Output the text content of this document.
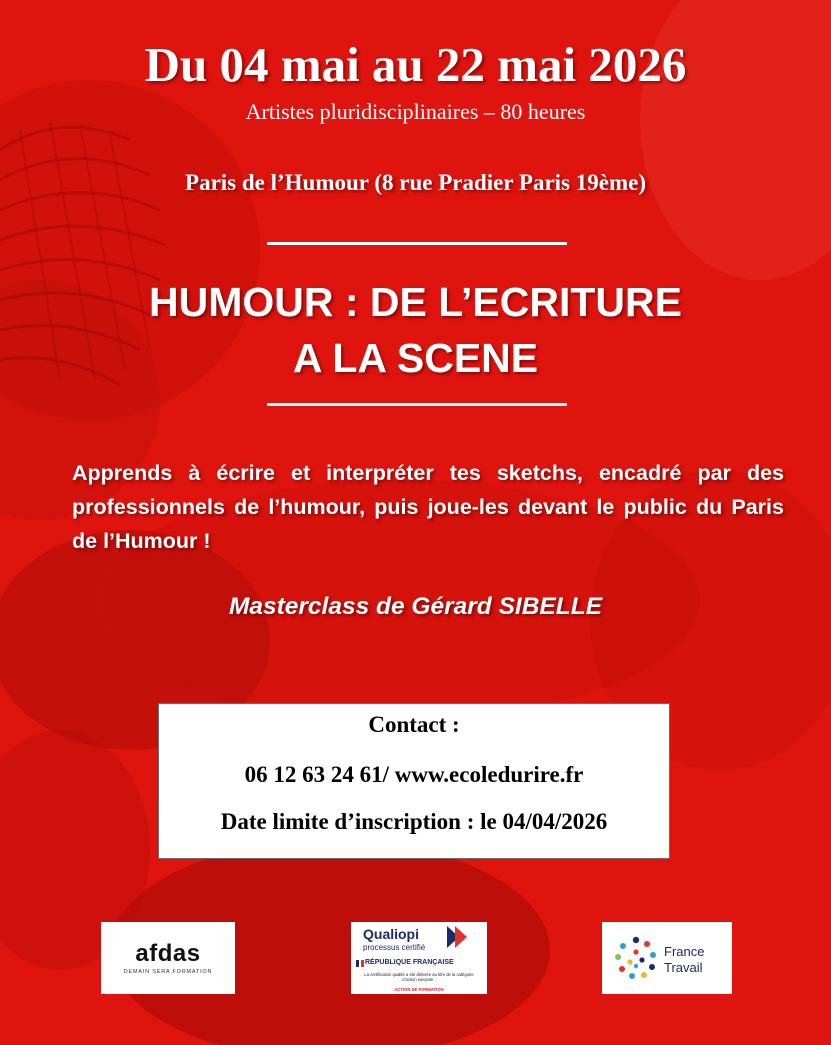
Du 04 mai au 22 mai 2026
Artistes pluridisciplinaires – 80 heures
Paris de l’Humour (8 rue Pradier Paris 19ème)
HUMOUR : DE L’ECRITURE
A LA SCENE
Apprends à écrire et interpréter tes sketchs, encadré par des professionnels de l’humour, puis joue-les devant le public du Paris de l’Humour !
Masterclass de Gérard SIBELLE
Contact :
06 12 63 24 61/ www.ecoledurire.fr
Date limite d’inscription : le 04/04/2026
afdas
DEMAIN SERA FORMATION
Qualiopi
processus certifié
RÉPUBLIQUE FRANÇAISE
La certification qualité a été délivrée au titre de la catégorie d’action suivante :
ACTION DE FORMATION
France
Travail
